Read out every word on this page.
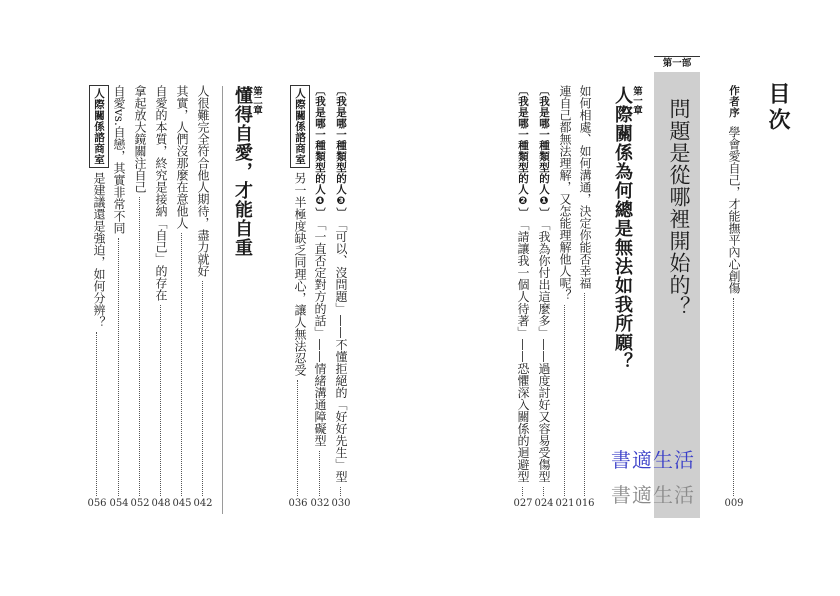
目次
作者序學會愛自己，才能撫平內心創傷
009
第一部
問題是從哪裡開始的？
第一章
人際關係為何總是無法如我所願？
如何相處、如何溝通，決定你能否幸福
016
連自己都無法理解，又怎能理解他人呢？
021
〔我是哪一種類型的人❶〕「我為你付出這麼多」——過度討好又容易受傷型
024
〔我是哪一種類型的人❷〕「請讓我一個人待著」——恐懼深入關係的迴避型
027
〔我是哪一種類型的人❸〕「可以、沒問題」——不懂拒絕的「好好先生」型
030
〔我是哪一種類型的人❹〕「一直否定對方的話」——情緒溝通障礙型
032
人際關係諮商室另一半極度缺乏同理心，讓人無法忍受
036
第二章
懂得自愛，才能自重
人很難完全符合他人期待，盡力就好
042
其實，人們沒那麼在意他人
045
自愛的本質，終究是接納「自己」的存在
048
拿起放大鏡關注自己
052
自愛vs.自戀，其實非常不同
054
人際關係諮商室是建議還是強迫，如何分辨？
056
書適生活
書適生活
